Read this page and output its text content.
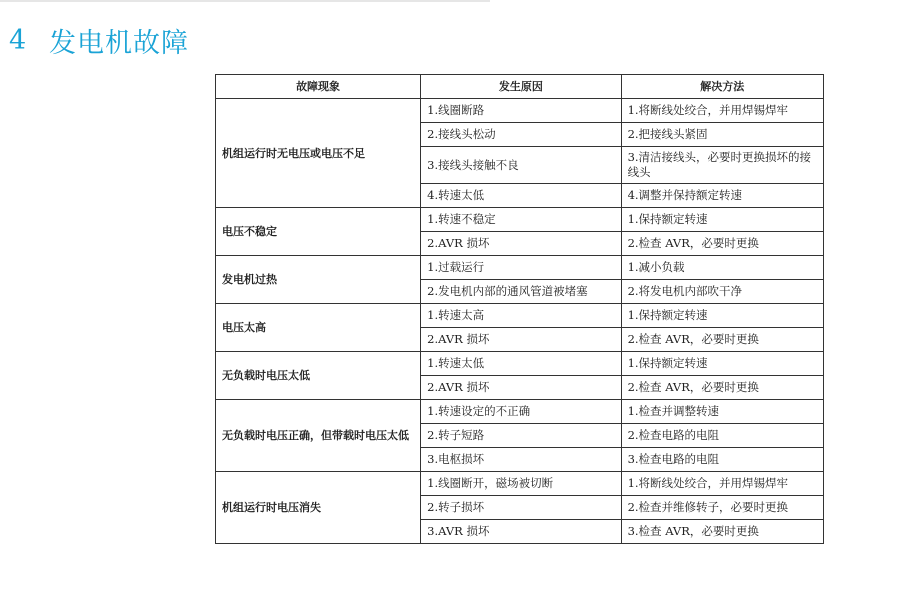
4 发电机故障
故障现象	发生原因	解决方法
机组运行时无电压或电压不足	1.线圈断路	1.将断线处绞合，并用焊锡焊牢
	2.接线头松动	2.把接线头紧固
	3.接线头接触不良	3.清洁接线头，必要时更换损坏的接线头
	4.转速太低	4.调整并保持额定转速
电压不稳定	1.转速不稳定	1.保持额定转速
	2.AVR 损坏	2.检查 AVR，必要时更换
发电机过热	1.过载运行	1.减小负载
	2.发电机内部的通风管道被堵塞	2.将发电机内部吹干净
电压太高	1.转速太高	1.保持额定转速
	2.AVR 损坏	2.检查 AVR，必要时更换
无负载时电压太低	1.转速太低	1.保持额定转速
	2.AVR 损坏	2.检查 AVR，必要时更换
无负载时电压正确，但带载时电压太低	1.转速设定的不正确	1.检查并调整转速
	2.转子短路	2.检查电路的电阻
	3.电枢损坏	3.检查电路的电阻
机组运行时电压消失	1.线圈断开，磁场被切断	1.将断线处绞合，并用焊锡焊牢
	2.转子损坏	2.检查并维修转子，必要时更换
	3.AVR 损坏	3.检查 AVR，必要时更换
